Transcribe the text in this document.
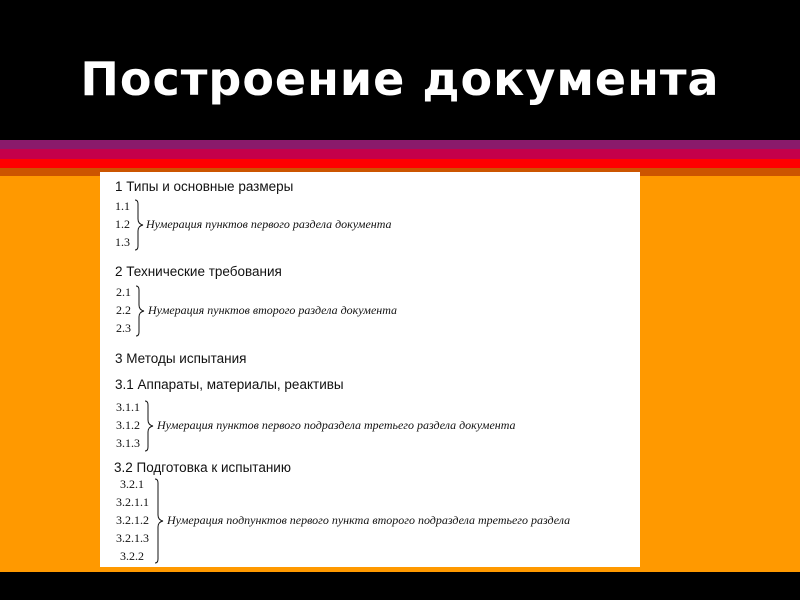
Построение документа
1 Типы и основные размеры
1.1
1.2
1.3
Нумерация пунктов первого раздела документа
2 Технические требования
2.1
2.2
2.3
Нумерация пунктов второго раздела документа
3 Методы испытания
3.1 Аппараты, материалы, реактивы
3.1.1
3.1.2
3.1.3
Нумерация пунктов первого подраздела третьего раздела документа
3.2 Подготовка к испытанию
3.2.1
3.2.1.1
3.2.1.2
3.2.1.3
3.2.2
Нумерация подпунктов первого пункта второго подраздела третьего раздела
